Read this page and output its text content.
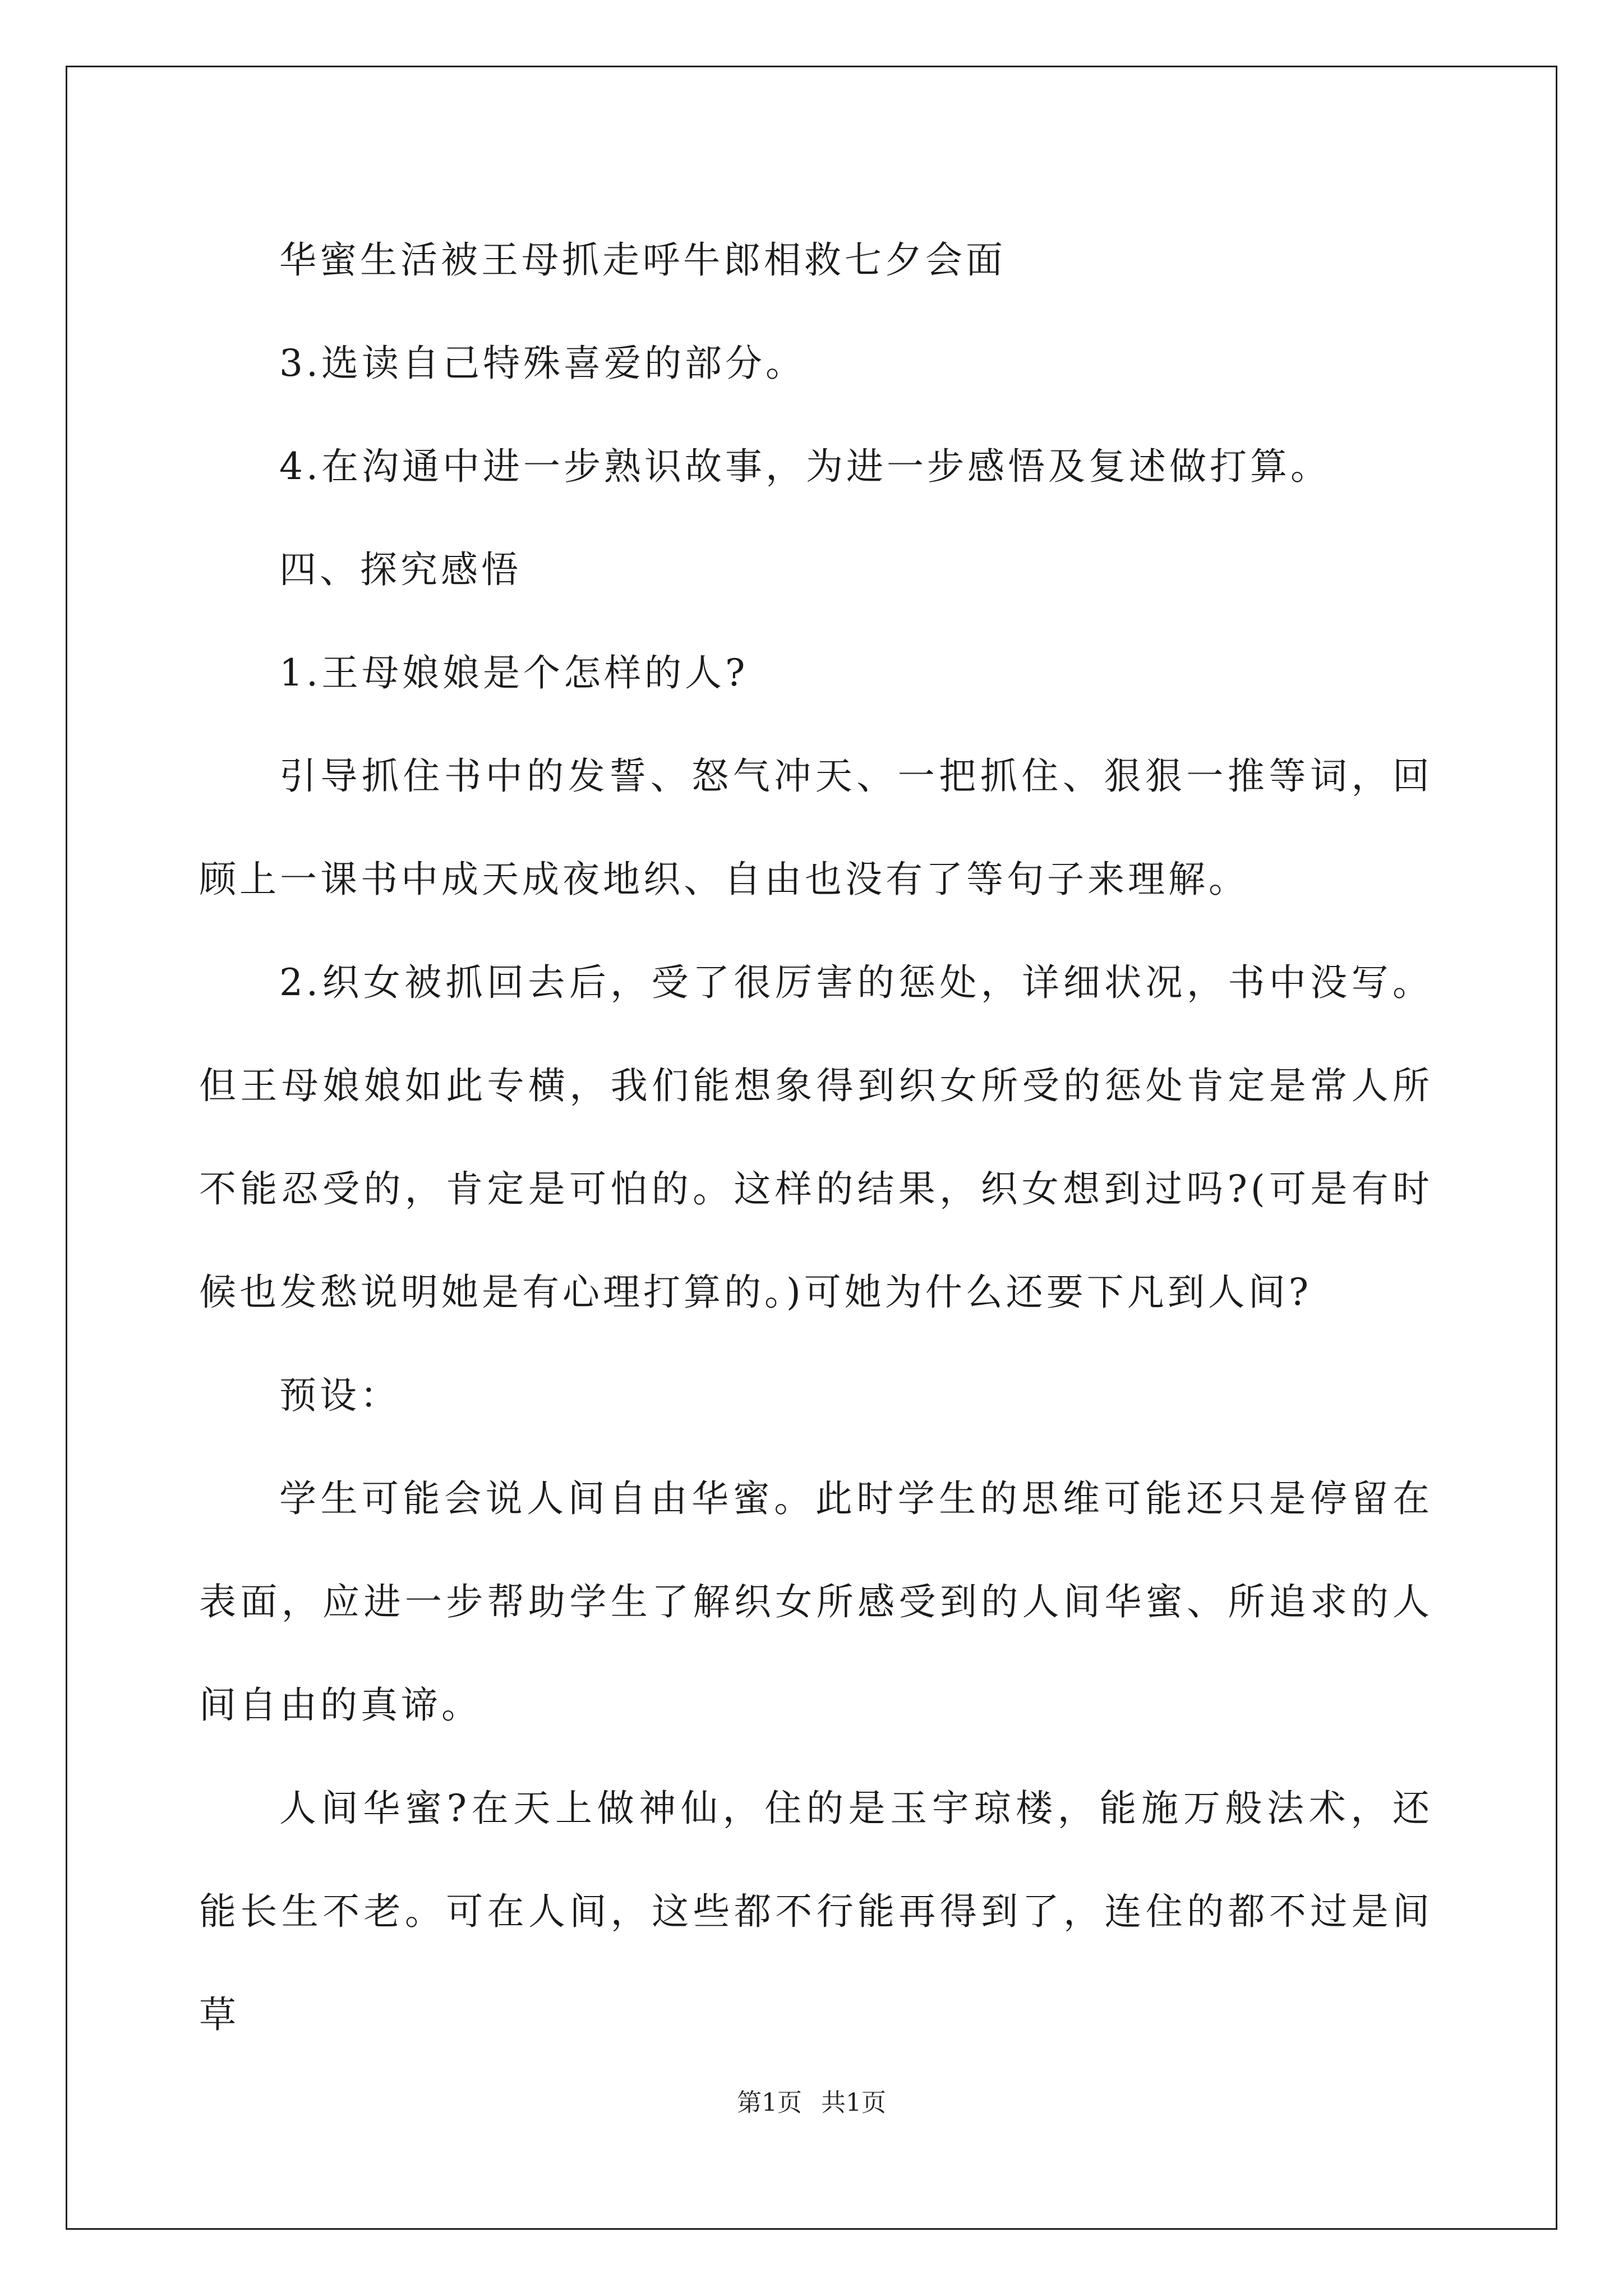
华蜜生活被王母抓走呼牛郎相救七夕会面

3.选读自己特殊喜爱的部分。

4.在沟通中进一步熟识故事，为进一步感悟及复述做打算。

四、探究感悟

1.王母娘娘是个怎样的人?

引导抓住书中的发誓、怒气冲天、一把抓住、狠狠一推等词，回顾上一课书中成天成夜地织、自由也没有了等句子来理解。

2.织女被抓回去后，受了很厉害的惩处，详细状况，书中没写。但王母娘娘如此专横，我们能想象得到织女所受的惩处肯定是常人所不能忍受的，肯定是可怕的。这样的结果，织女想到过吗?(可是有时候也发愁说明她是有心理打算的。)可她为什么还要下凡到人间?

预设：

学生可能会说人间自由华蜜。此时学生的思维可能还只是停留在表面，应进一步帮助学生了解织女所感受到的人间华蜜、所追求的人间自由的真谛。

人间华蜜?在天上做神仙，住的是玉宇琼楼，能施万般法术，还能长生不老。可在人间，这些都不行能再得到了，连住的都不过是间草

第1页 共1页
